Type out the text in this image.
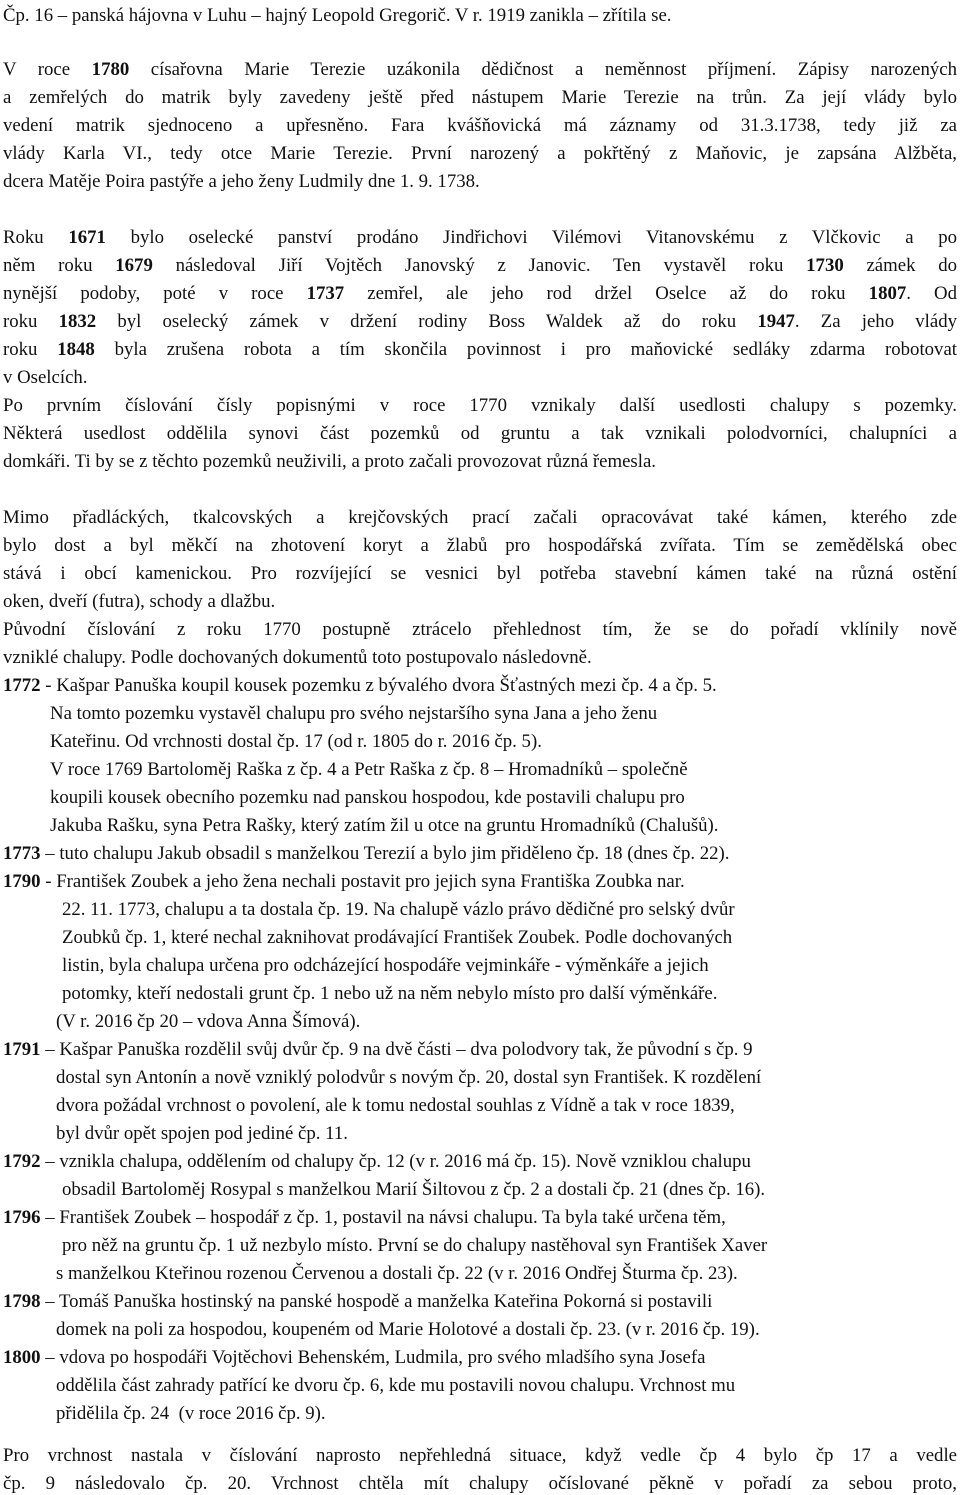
Čp. 16 – panská hájovna v Luhu – hajný Leopold Gregorič. V r. 1919 zanikla – zřítila se.
V roce 1780 císařovna Marie Terezie uzákonila dědičnost a neměnnost příjmení. Zápisy narozených
a zemřelých do matrik byly zavedeny ještě před nástupem Marie Terezie na trůn. Za její vlády bylo
vedení matrik sjednoceno a upřesněno. Fara kvášňovická má záznamy od 31.3.1738, tedy již za
vlády Karla VI., tedy otce Marie Terezie. První narozený a pokřtěný z Maňovic, je zapsána Alžběta,
dcera Matěje Poira pastýře a jeho ženy Ludmily dne 1. 9. 1738.
Roku 1671 bylo oselecké panství prodáno Jindřichovi Vilémovi Vitanovskému z Vlčkovic a po
něm roku 1679 následoval Jiří Vojtěch Janovský z Janovic. Ten vystavěl roku 1730 zámek do
nynější podoby, poté v roce 1737 zemřel, ale jeho rod držel Oselce až do roku 1807. Od
roku 1832 byl oselecký zámek v držení rodiny Boss Waldek až do roku 1947. Za jeho vlády
roku 1848 byla zrušena robota a tím skončila povinnost i pro maňovické sedláky zdarma robotovat
v Oselcích.
Po prvním číslování čísly popisnými v roce 1770 vznikaly další usedlosti chalupy s pozemky.
Některá usedlost oddělila synovi část pozemků od gruntu a tak vznikali polodvorníci, chalupníci a
domkáři. Ti by se z těchto pozemků neuživili, a proto začali provozovat různá řemesla.
Mimo přadláckých, tkalcovských a krejčovských prací začali opracovávat také kámen, kterého zde
bylo dost a byl měkčí na zhotovení koryt a žlabů pro hospodářská zvířata. Tím se zemědělská obec
stává i obcí kamenickou. Pro rozvíjející se vesnici byl potřeba stavební kámen také na různá ostění
oken, dveří (futra), schody a dlažbu.
Původní číslování z roku 1770 postupně ztrácelo přehlednost tím, že se do pořadí vklínily nově
vzniklé chalupy. Podle dochovaných dokumentů toto postupovalo následovně.
1772 - Kašpar Panuška koupil kousek pozemku z bývalého dvora Šťastných mezi čp. 4 a čp. 5.
Na tomto pozemku vystavěl chalupu pro svého nejstaršího syna Jana a jeho ženu
Kateřinu. Od vrchnosti dostal čp. 17 (od r. 1805 do r. 2016 čp. 5).
V roce 1769 Bartoloměj Raška z čp. 4 a Petr Raška z čp. 8 – Hromadníků – společně
koupili kousek obecního pozemku nad panskou hospodou, kde postavili chalupu pro
Jakuba Rašku, syna Petra Rašky, který zatím žil u otce na gruntu Hromadníků (Chalušů).
1773 – tuto chalupu Jakub obsadil s manželkou Terezií a bylo jim přiděleno čp. 18 (dnes čp. 22).
1790 - František Zoubek a jeho žena nechali postavit pro jejich syna Františka Zoubka nar.
22. 11. 1773, chalupu a ta dostala čp. 19. Na chalupě vázlo právo dědičné pro selský dvůr
Zoubků čp. 1, které nechal zaknihovat prodávající František Zoubek. Podle dochovaných
listin, byla chalupa určena pro odcházející hospodáře vejminkáře - výměnkáře a jejich
potomky, kteří nedostali grunt čp. 1 nebo už na něm nebylo místo pro další výměnkáře.
(V r. 2016 čp 20 – vdova Anna Šímová).
1791 – Kašpar Panuška rozdělil svůj dvůr čp. 9 na dvě části – dva polodvory tak, že původní s čp. 9
dostal syn Antonín a nově vzniklý polodvůr s novým čp. 20, dostal syn František. K rozdělení
dvora požádal vrchnost o povolení, ale k tomu nedostal souhlas z Vídně a tak v roce 1839,
byl dvůr opět spojen pod jediné čp. 11.
1792 – vznikla chalupa, oddělením od chalupy čp. 12 (v r. 2016 má čp. 15). Nově vzniklou chalupu
obsadil Bartoloměj Rosypal s manželkou Marií Šiltovou z čp. 2 a dostali čp. 21 (dnes čp. 16).
1796 – František Zoubek – hospodář z čp. 1, postavil na návsi chalupu. Ta byla také určena těm,
pro něž na gruntu čp. 1 už nezbylo místo. První se do chalupy nastěhoval syn František Xaver
s manželkou Kteřinou rozenou Červenou a dostali čp. 22 (v r. 2016 Ondřej Šturma čp. 23).
1798 – Tomáš Panuška hostinský na panské hospodě a manželka Kateřina Pokorná si postavili
domek na poli za hospodou, koupeném od Marie Holotové a dostali čp. 23. (v r. 2016 čp. 19).
1800 – vdova po hospodáři Vojtěchovi Behenském, Ludmila, pro svého mladšího syna Josefa
oddělila část zahrady patřící ke dvoru čp. 6, kde mu postavili novou chalupu. Vrchnost mu
přidělila čp. 24  (v roce 2016 čp. 9).
Pro vrchnost nastala v číslování naprosto nepřehledná situace, když vedle čp 4 bylo čp 17 a vedle
čp. 9 následovalo čp. 20. Vrchnost chtěla mít chalupy očíslované pěkně v pořadí za sebou proto,
